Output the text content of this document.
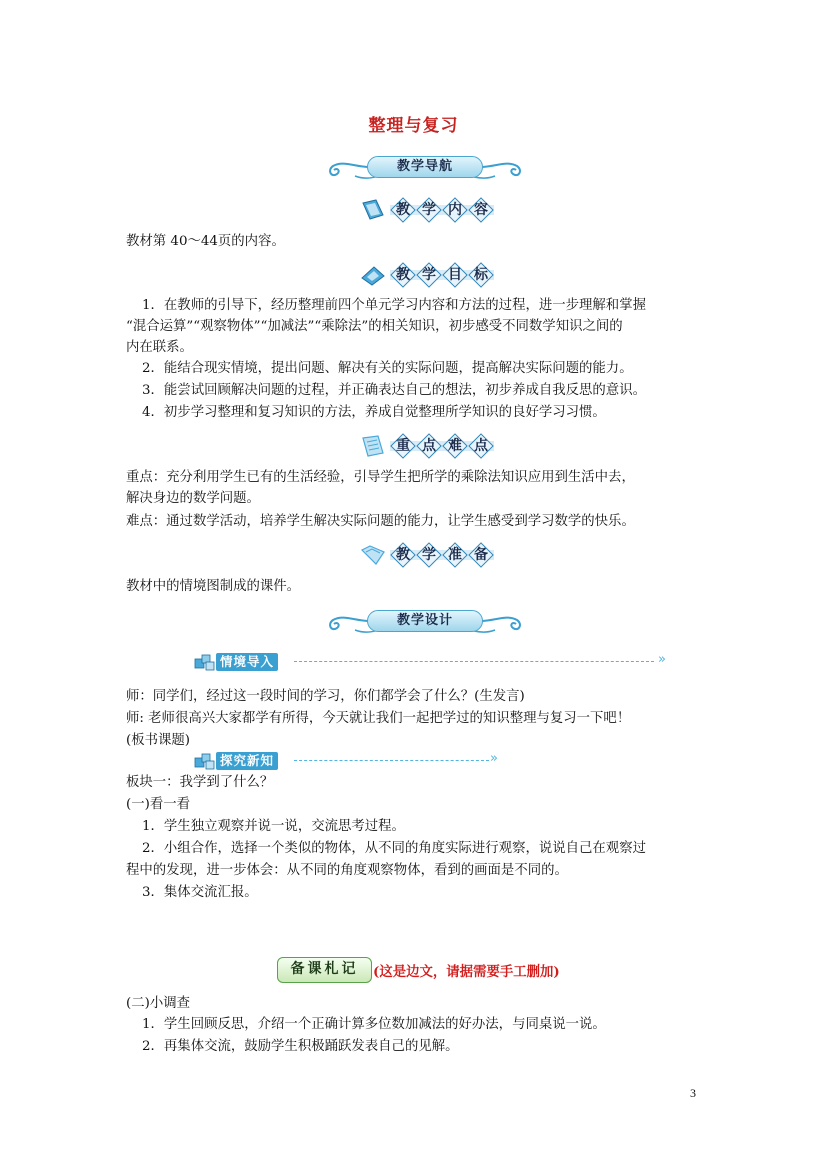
整理与复习
教学导航
教 学 内 容
教材第 40～44页的内容。
教 学 目 标
1．在教师的引导下，经历整理前四个单元学习内容和方法的过程，进一步理解和掌握
“混合运算”“观察物体”“加减法”“乘除法”的相关知识，初步感受不同数学知识之间的
内在联系。
2．能结合现实情境，提出问题、解决有关的实际问题，提高解决实际问题的能力。
3．能尝试回顾解决问题的过程，并正确表达自己的想法，初步养成自我反思的意识。
4．初步学习整理和复习知识的方法，养成自觉整理所学知识的良好学习习惯。
重 点 难 点
重点：充分利用学生已有的生活经验，引导学生把所学的乘除法知识应用到生活中去，
解决身边的数学问题。
难点：通过数学活动，培养学生解决实际问题的能力，让学生感受到学习数学的快乐。
教 学 准 备
教材中的情境图制成的课件。
教学设计
情境导入	»
师：同学们，经过这一段时间的学习，你们都学会了什么？(生发言)
师: 老师很高兴大家都学有所得，今天就让我们一起把学过的知识整理与复习一下吧！
(板书课题)
探究新知	»
板块一：我学到了什么？
(一)看一看
1．学生独立观察并说一说，交流思考过程。
2．小组合作，选择一个类似的物体，从不同的角度实际进行观察，说说自己在观察过
程中的发现，进一步体会：从不同的角度观察物体，看到的画面是不同的。
3．集体交流汇报。
备课札记	(这是边文，请据需要手工删加)
(二)小调查
1．学生回顾反思，介绍一个正确计算多位数加减法的好办法，与同桌说一说。
2．再集体交流，鼓励学生积极踊跃发表自己的见解。
3
